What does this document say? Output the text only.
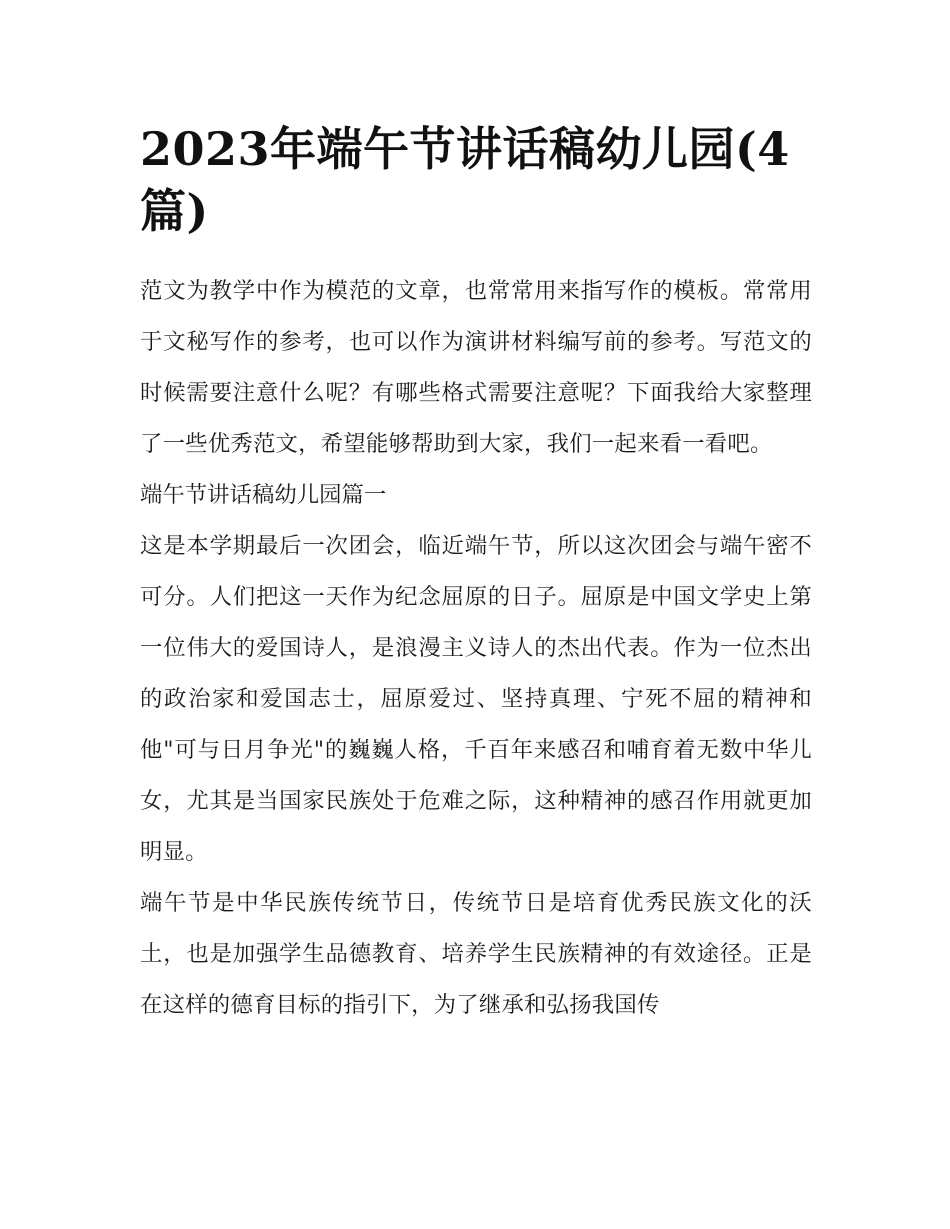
2023年端午节讲话稿幼儿园(4篇)

范文为教学中作为模范的文章，也常常用来指写作的模板。常常用于文秘写作的参考，也可以作为演讲材料编写前的参考。写范文的时候需要注意什么呢？有哪些格式需要注意呢？下面我给大家整理了一些优秀范文，希望能够帮助到大家，我们一起来看一看吧。

端午节讲话稿幼儿园篇一

这是本学期最后一次团会，临近端午节，所以这次团会与端午密不可分。人们把这一天作为纪念屈原的日子。屈原是中国文学史上第一位伟大的爱国诗人，是浪漫主义诗人的杰出代表。作为一位杰出的政治家和爱国志士，屈原爱过、坚持真理、宁死不屈的精神和他"可与日月争光"的巍巍人格，千百年来感召和哺育着无数中华儿女，尤其是当国家民族处于危难之际，这种精神的感召作用就更加明显。

端午节是中华民族传统节日，传统节日是培育优秀民族文化的沃土，也是加强学生品德教育、培养学生民族精神的有效途径。正是在这样的德育目标的指引下，为了继承和弘扬我国传
